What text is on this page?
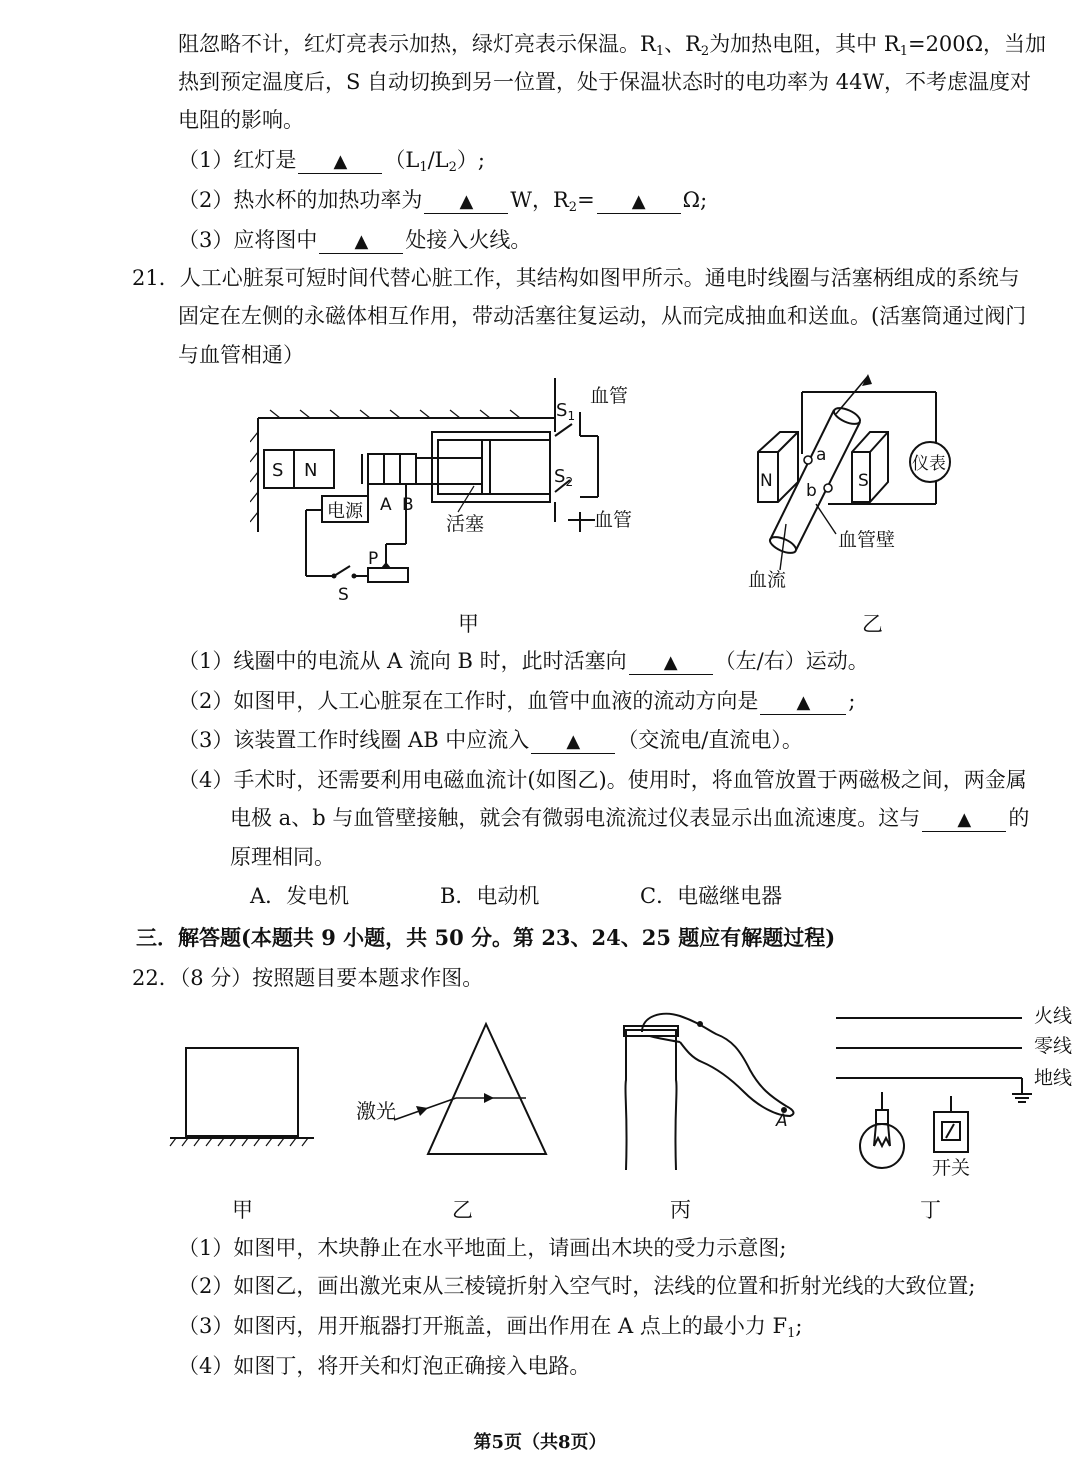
阻忽略不计，红灯亮表示加热，绿灯亮表示保温。$R_1$、$R_2$为加热电阻，其中 $R_1=200\Omega$，当加
热到预定温度后，S 自动切换到另一位置，处于保温状态时的电功率为 44W，不考虑温度对
电阻的影响。
（1）红灯是 ▲ $(L_1/L_2)$;
（2）热水杯的加热功率为 ▲ W，$R_2=$ ▲ Ω;
（3）应将图中 ▲ 处接入火线。
21．人工心脏泵可短时间代替心脏工作，其结构如图甲所示。通电时线圈与活塞柄组成的系统与
固定在左侧的永磁体相互作用，带动活塞往复运动，从而完成抽血和送血。(活塞筒通过阀门
与血管相通）
S N
电源 A B
活塞
$S_1$
血管
$S_2$
血管
P
S
甲
N	S
a
b
仪表
血管壁
血流
乙
（1）线圈中的电流从 A 流向 B 时，此时活塞向 ▲ （左/右）运动。
（2）如图甲，人工心脏泵在工作时，血管中血液的流动方向是 ▲ ;
（3）该装置工作时线圈 AB 中应流入 ▲ （交流电/直流电）。
（4）手术时，还需要利用电磁血流计(如图乙)。使用时，将血管放置于两磁极之间，两金属
电极 a、b 与血管壁接触，就会有微弱电流流过仪表显示出血流速度。这与 ▲ 的
原理相同。
A．发电机	B．电动机	C．电磁继电器
三．解答题(本题共 9 小题，共 50 分。第 23、24、25 题应有解题过程)
22．（8 分）按照题目要本题求作图。
激光	A
火线
零线
地线
开关
甲	乙	丙	丁
（1）如图甲，木块静止在水平地面上，请画出木块的受力示意图;
（2）如图乙，画出激光束从三棱镜折射入空气时，法线的位置和折射光线的大致位置;
（3）如图丙，用开瓶器打开瓶盖，画出作用在 A 点上的最小力 $F_1$;
（4）如图丁，将开关和灯泡正确接入电路。
第5页（共8页）
